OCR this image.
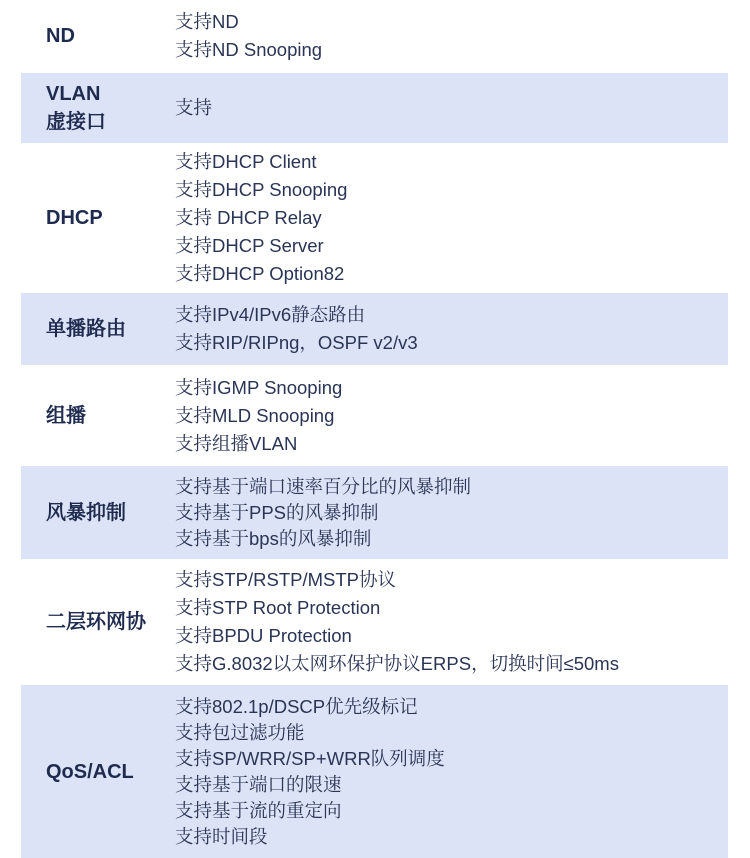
ND
支持ND
支持ND Snooping
VLAN
虚接口
支持
DHCP
支持DHCP Client
支持DHCP Snooping
支持 DHCP Relay
支持DHCP Server
支持DHCP Option82
单播路由
支持IPv4/IPv6静态路由
支持RIP/RIPng，OSPF v2/v3
组播
支持IGMP Snooping
支持MLD Snooping
支持组播VLAN
风暴抑制
支持基于端口速率百分比的风暴抑制
支持基于PPS的风暴抑制
支持基于bps的风暴抑制
二层环网协
支持STP/RSTP/MSTP协议
支持STP Root Protection
支持BPDU Protection
支持G.8032以太网环保护协议ERPS，切换时间≤50ms
QoS/ACL
支持802.1p/DSCP优先级标记
支持包过滤功能
支持SP/WRR/SP+WRR队列调度
支持基于端口的限速
支持基于流的重定向
支持时间段
